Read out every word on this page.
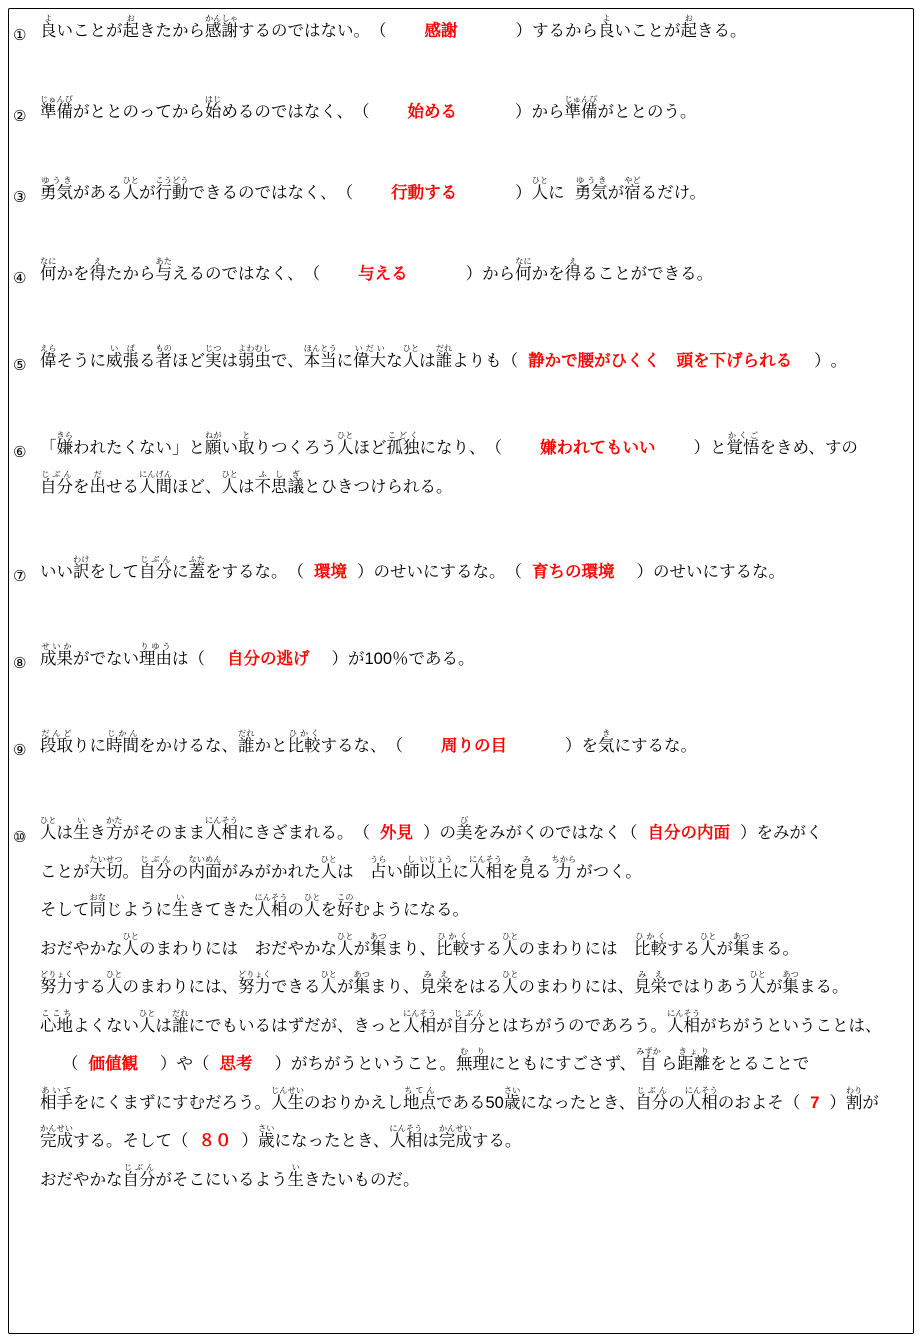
① 良よいことが起おきたから感謝かんしゃするのではない。（ 感謝	）するから良よいことが起おきる。
② 準備じゅんびがととのってから始はじめるのではなく、（ 始める	）から準備じゅんびがととのう。
③ 勇気ゆうきがある人ひとが行動こうどうできるのではなく、（ 行動する	）人ひとに 勇気ゆうきが宿やどるだけ。
④ 何なにかを得えたから与あたえるのではなく、（ 与える	）から何なにかを得えることができる。
⑤ 偉えらそうに威張いばる者ものほど実じつは弱虫よわむしで、本当ほんとうに偉大いだいな人ひとは誰だれよりも（ 静かで腰がひくく　頭を下げられる ）。
⑥ 「嫌きらわれたくない」と願ねがい取とりつくろう人ひとほど孤独こどくになり、（ 嫌われてもいい ）と覚悟かくごをきめ、すの
自分じぶんを出だせる人間にんげんほど、人ひとは不思議ふしぎとひきつけられる。
⑦ いい訳わけをして自分じぶんに蓋ふたをするな。（ 環境 ）のせいにするな。（ 育ちの環境 ）のせいにするな。
⑧ 成果せいかがでない理由りゆうは（ 自分の逃げ ）が100％である。
⑨ 段取だんどりに時間じかんをかけるな、誰だれかと比較ひかくするな、（ 周りの目	）を気きにするな。
⑩ 人ひとは生いき方かたがそのまま人相にんそうにきざまれる。（ 外見 ）の美びをみがくのではなく（ 自分の内面 ）をみがく
ことが大切たいせつ。自分じぶんの内面ないめんがみがかれた人ひとは　占うらい師し以上いじょうに人相にんそうを見みる力ちからがつく。
そして同おなじように生いきてきた人相にんそうの人ひとを好このむようになる。
おだやかな人ひとのまわりには　おだやかな人ひとが集あつまり、比較ひかくする人ひとのまわりには　比較ひかくする人ひとが集あつまる。
努力どりょくする人ひとのまわりには、努力どりょくできる人ひとが集あつまり、見栄みえをはる人ひとのまわりには、見栄みえではりあう人ひとが集あつまる。
心地ここちよくない人ひとは誰だれにでもいるはずだが、きっと人相にんそうが自分じぶんとはちがうのであろう。人相にんそうがちがうということは、
（ 価値観 ）や（ 思考 ）がちがうということ。無理むりにともにすごさず、自みずから距離きょりをとることで
相手あいてをにくまずにすむだろう。人生じんせいのおりかえし地点ちてんである50歳さいになったとき、自分じぶんの人相にんそうのおよそ（ 7 ）割わりが
完成かんせいする。そして（ ８０ ）歳さいになったとき、人相にんそうは完成かんせいする。
おだやかな自分じぶんがそこにいるよう生いきたいものだ。
